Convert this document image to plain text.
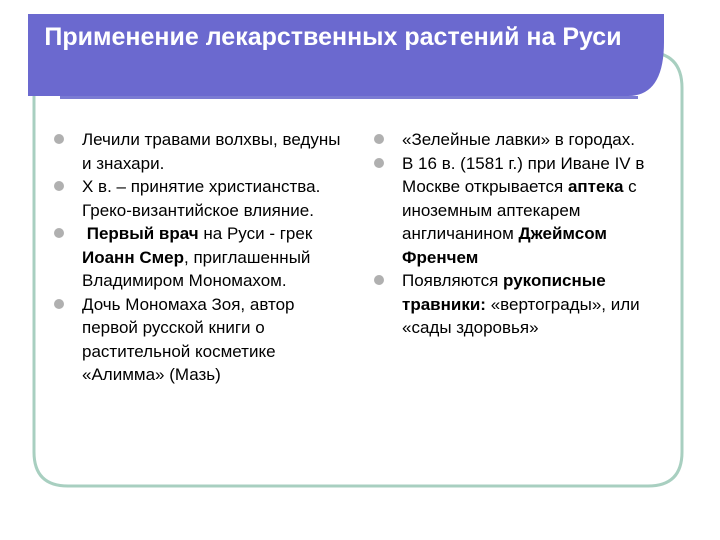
Применение лекарственных растений на Руси
Лечили травами волхвы, ведуны и знахари.
X в. – принятие христианства. Греко-византийское влияние.
Первый врач на Руси - грек Иоанн Смер, приглашенный Владимиром Мономахом.
Дочь Мономаха Зоя, автор первой русской книги о растительной косметике «Алимма» (Мазь)
«Зелейные лавки» в городах.
В 16 в. (1581 г.) при Иване IV в Москве открывается аптека с иноземным аптекарем англичанином Джеймсом Френчем
Появляются рукописные травники: «вертограды», или «сады здоровья»
